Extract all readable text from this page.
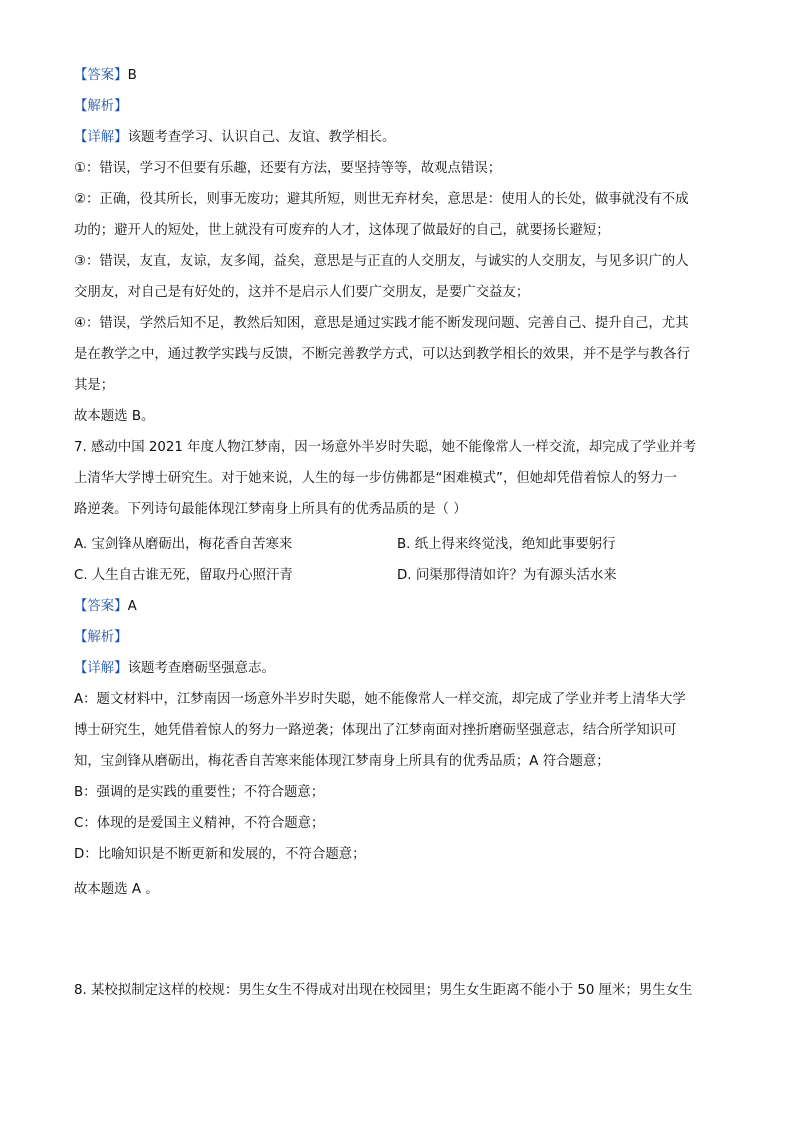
【答案】B
【解析】
【详解】该题考查学习、认识自己、友谊、教学相长。
①：错误，学习不但要有乐趣，还要有方法，要坚持等等，故观点错误；
②：正确，役其所长，则事无废功；避其所短，则世无弃材矣，意思是：使用人的长处，做事就没有不成
功的；避开人的短处，世上就没有可废弃的人才，这体现了做最好的自己，就要扬长避短；
③：错误，友直，友谅，友多闻，益矣，意思是与正直的人交朋友，与诚实的人交朋友，与见多识广的人
交朋友，对自己是有好处的，这并不是启示人们要广交朋友，是要广交益友；
④：错误，学然后知不足，教然后知困，意思是通过实践才能不断发现问题、完善自己、提升自己，尤其
是在教学之中，通过教学实践与反馈，不断完善教学方式，可以达到教学相长的效果，并不是学与教各行
其是；
故本题选 B。
7. 感动中国 2021 年度人物江梦南，因一场意外半岁时失聪，她不能像常人一样交流，却完成了学业并考
上清华大学博士研究生。对于她来说，人生的每一步仿佛都是“困难模式”，但她却凭借着惊人的努力一
路逆袭。下列诗句最能体现江梦南身上所具有的优秀品质的是（ ）
A. 宝剑锋从磨砺出，梅花香自苦寒来	B. 纸上得来终觉浅，绝知此事要躬行
C. 人生自古谁无死，留取丹心照汗青	D. 问渠那得清如许？为有源头活水来
【答案】A
【解析】
【详解】该题考查磨砺坚强意志。
A：题文材料中，江梦南因一场意外半岁时失聪，她不能像常人一样交流，却完成了学业并考上清华大学
博士研究生，她凭借着惊人的努力一路逆袭；体现出了江梦南面对挫折磨砺坚强意志，结合所学知识可
知，宝剑锋从磨砺出，梅花香自苦寒来能体现江梦南身上所具有的优秀品质；A 符合题意；
B：强调的是实践的重要性；不符合题意；
C：体现的是爱国主义精神，不符合题意；
D：比喻知识是不断更新和发展的，不符合题意；
故本题选 A 。
8. 某校拟制定这样的校规：男生女生不得成对出现在校园里；男生女生距离不能小于 50 厘米；男生女生
